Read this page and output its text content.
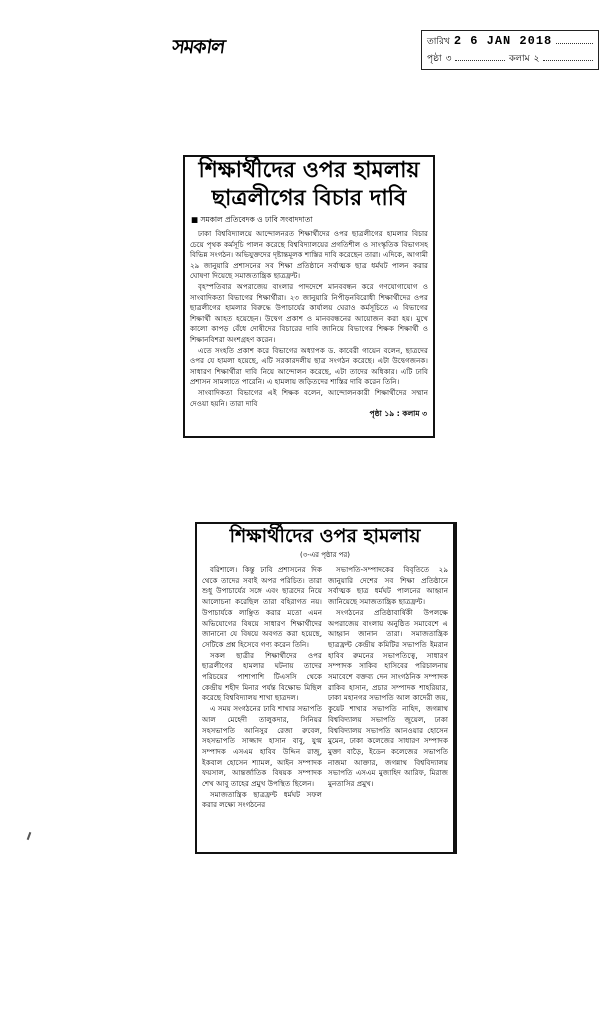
সমকাল	তারিখ 2 6 JAN 2018
পৃষ্ঠা ৩	কলাম ২
শিক্ষার্থীদের ওপর হামলায়
ছাত্রলীগের বিচার দাবি
■ সমকাল প্রতিবেদক ও ঢাবি সংবাদদাতা

ঢাকা বিশ্ববিদ্যালয়ে আন্দোলনরত শিক্ষার্থীদের ওপর ছাত্রলীগের হামলার বিচার চেয়ে পৃথক কর্মসূচি পালন করেছে বিশ্ববিদ্যালয়ের প্রগতিশীল ও সাংস্কৃতিক বিভাগসহ বিভিন্ন সংগঠন। অভিযুক্তদের দৃষ্টান্তমূলক শাস্তির দাবি করেছেন তারা। এদিকে, আগামী ২৯ জানুয়ারি প্রশাসনের সব শিক্ষা প্রতিষ্ঠানে সর্বাত্মক ছাত্র ধর্মঘট পালন করার ঘোষণা দিয়েছে সমাজতান্ত্রিক ছাত্রফ্রন্ট।

বৃহস্পতিবার অপরাজেয় বাংলার পাদদেশে মানববন্ধন করে গণযোগাযোগ ও সাংবাদিকতা বিভাগের শিক্ষার্থীরা। ২৩ জানুয়ারি নিপীড়নবিরোধী শিক্ষার্থীদের ওপর ছাত্রলীগের হামলার বিরুদ্ধে উপাচার্যের কার্যালয় ঘেরাও কর্মসূচিতে এ বিভাগের শিক্ষার্থী আহত হয়েছেন। উদ্বেগ প্রকাশ ও মানববন্ধনের আয়োজন করা হয়। মুখে কালো কাপড় বেঁধে দোষীদের বিচারের দাবি জানিয়ে বিভাগের শিক্ষক শিক্ষার্থী ও শিক্ষানবিশরা অংশগ্রহণ করেন।

এতে সংহতি প্রকাশ করে বিভাগের অধ্যাপক ড. কাবেরী গায়েন বলেন, ছাত্রদের ওপর যে হামলা হয়েছে, এটি সরকারদলীয় ছাত্র সংগঠন করেছে। এটা উদ্বেগজনক। সাধারণ শিক্ষার্থীরা দাবি নিয়ে আন্দোলন করেছে, এটা তাদের অধিকার। এটি ঢাবি প্রশাসন সামলাতে পারেনি। এ হামলায় জড়িতদের শাস্তির দাবি করেন তিনি।

সাংবাদিকতা বিভাগের এই শিক্ষক বলেন, আন্দোলনকারী শিক্ষার্থীদের সম্মান দেওয়া হয়নি। তারা দাবি

পৃষ্ঠা ১৯ : কলাম ৩
শিক্ষার্থীদের ওপর হামলায়
(৩-এর পৃষ্ঠার পর)

বরিশালে। কিন্তু ঢাবি প্রশাসনের দিক থেকে তাদের সবাই অপর পরিচিত। তারা শুধু উপাচার্যের সঙ্গে এবং ছাত্রদের নিয়ে আলোচনা করেছিল তারা বহিরাগত নয়। উপাচার্যকে লাঞ্ছিত করার মতো এমন অভিযোগের বিষয়ে সাধারণ শিক্ষার্থীদের জানানো যে বিষয়ে অবগত করা হয়েছে, সেটিকে প্রশ্ন হিসেবে গণ্য করেন তিনি।

সকল ছাত্রীর শিক্ষার্থীদের ওপর ছাত্রলীগের হামলার ঘটনায় তাদের পরিচয়ের পাশাপাশি টিএসসি থেকে কেন্দ্রীয় শহীদ মিনার পর্যন্ত বিক্ষোভ মিছিল করেছে বিশ্ববিদ্যালয় শাখা ছাত্রদল।

এ সময় সংগঠনের ঢাবি শাখার সভাপতি আল মেহেদী তালুকদার, সিনিয়র সহসভাপতি আনিসুর রেজা রুবেল, সহসভাপতি সাজ্জাদ হাসান বাবু, যুগ্ম সম্পাদক এসএম হাবিব উদ্দিন রাজু, ইকবাল হোসেন শ্যামল, আইন সম্পাদক ফয়সাল, আন্তর্জাতিক বিষয়ক সম্পাদক শেখ আবু তাহের প্রমুখ উপস্থিত ছিলেন।

সমাজতান্ত্রিক ছাত্রফ্রন্ট ধর্মঘট সফল করার লক্ষ্যে সংগঠনের

সভাপতি-সম্পাদকের বিবৃতিতে ২৯ জানুয়ারি দেশের সব শিক্ষা প্রতিষ্ঠানে সর্বাত্মক ছাত্র ধর্মঘট পালনের আহ্বান জানিয়েছে সমাজতান্ত্রিক ছাত্রফ্রন্ট।

সংগঠনের প্রতিষ্ঠাবার্ষিকী উপলক্ষে অপরাজেয় বাংলায় অনুষ্ঠিত সমাবেশে এ আহ্বান জানান তারা। সমাজতান্ত্রিক ছাত্রফ্রন্ট কেন্দ্রীয় কমিটির সভাপতি ইমরান হাবিব রুমনের সভাপতিত্বে, সাধারণ সম্পাদক সাকিব হাসিবের পরিচালনায় সমাবেশে বক্তব্য দেন সাংগঠনিক সম্পাদক রাকিব হাসান, প্রচার সম্পাদক শাহরিয়ার, ঢাকা মহানগর সভাপতি আল কাদেরী জয়, কুয়েট শাখার সভাপতি নাহিদ, জগন্নাথ বিশ্ববিদ্যালয় সভাপতি জুয়েল, ঢাকা বিশ্ববিদ্যালয় সভাপতি আনওয়ার হোসেন মুমেন, ঢাকা কলেজের সাধারণ সম্পাদক মুক্তা বাড়ৈ, ইডেন কলেজের সভাপতি নাজমা আক্তার, জগন্নাথ বিশ্ববিদ্যালয় সভাপতি এসএম মুজাহিদ আরিফ, মিরাজ মুনতাসির প্রমুখ।
